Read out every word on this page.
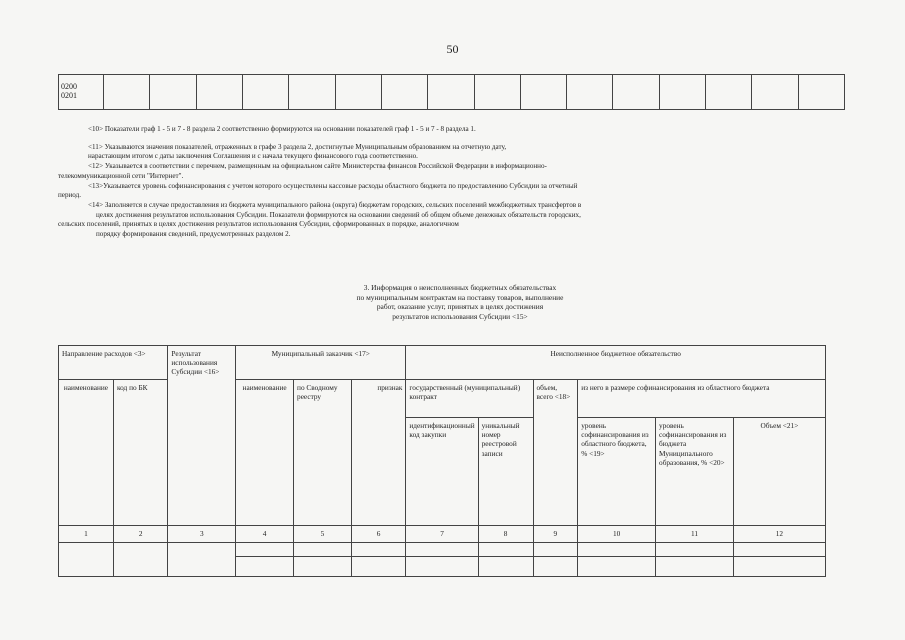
50
0200
0201

<10> Показатели граф 1 - 5 и 7 - 8 раздела 2 соответственно формируются на основании показателей граф 1 - 5 и 7 - 8 раздела 1.

<11> Указываются значения показателей, отраженных в графе 3 раздела 2, достигнутые Муниципальным образованием на отчетную дату,

нарастающим итогом с даты заключения Соглашения и с начала текущего финансового года соответственно.

<12> Указывается в соответствии с перечнем, размещенным на официальном сайте Министерства финансов Российской Федерации в информационно-

телекоммуникационной сети "Интернет".

<13>Указывается уровень софинансирования с учетом которого осуществлены кассовые расходы областного бюджета по предоставлению Субсидии за отчетный

период.

<14> Заполняется в случае предоставления из бюджета муниципального района (округа) бюджетам городских, сельских поселений межбюджетных трансфертов в

целях достижения результатов использования Субсидии. Показатели формируются на основании сведений об общем объеме денежных обязательств городских,

сельских поселений, принятых в целях достижения результатов использования Субсидии, сформированных в порядке, аналогичном

порядку формирования сведений, предусмотренных разделом 2.

3. Информация о неисполненных бюджетных обязательствах
по муниципальным контрактам на поставку товаров, выполнение
работ, оказание услуг, принятых в целях достижения
результатов использования Субсидии <15>
Направление расходов <3>		Результат использования Субсидии <16>	Муниципальный заказчик <17>			Неисполненное бюджетное обязательство					
наименование	код по БК		наименование	по Сводному реестру	признак	государственный (муниципальный) контракт		объем, всего <18>	из него в размере софинансирования из областного бюджета		
						идентификационный код закупки	уникальный номер реестровой записи		уровень софинансирования из областного бюджета, % <19>	уровень софинансирования из бюджета Муниципального образования, % <20>	Объем <21>
1	2	3	4	5	6	7	8	9	10	11	12
